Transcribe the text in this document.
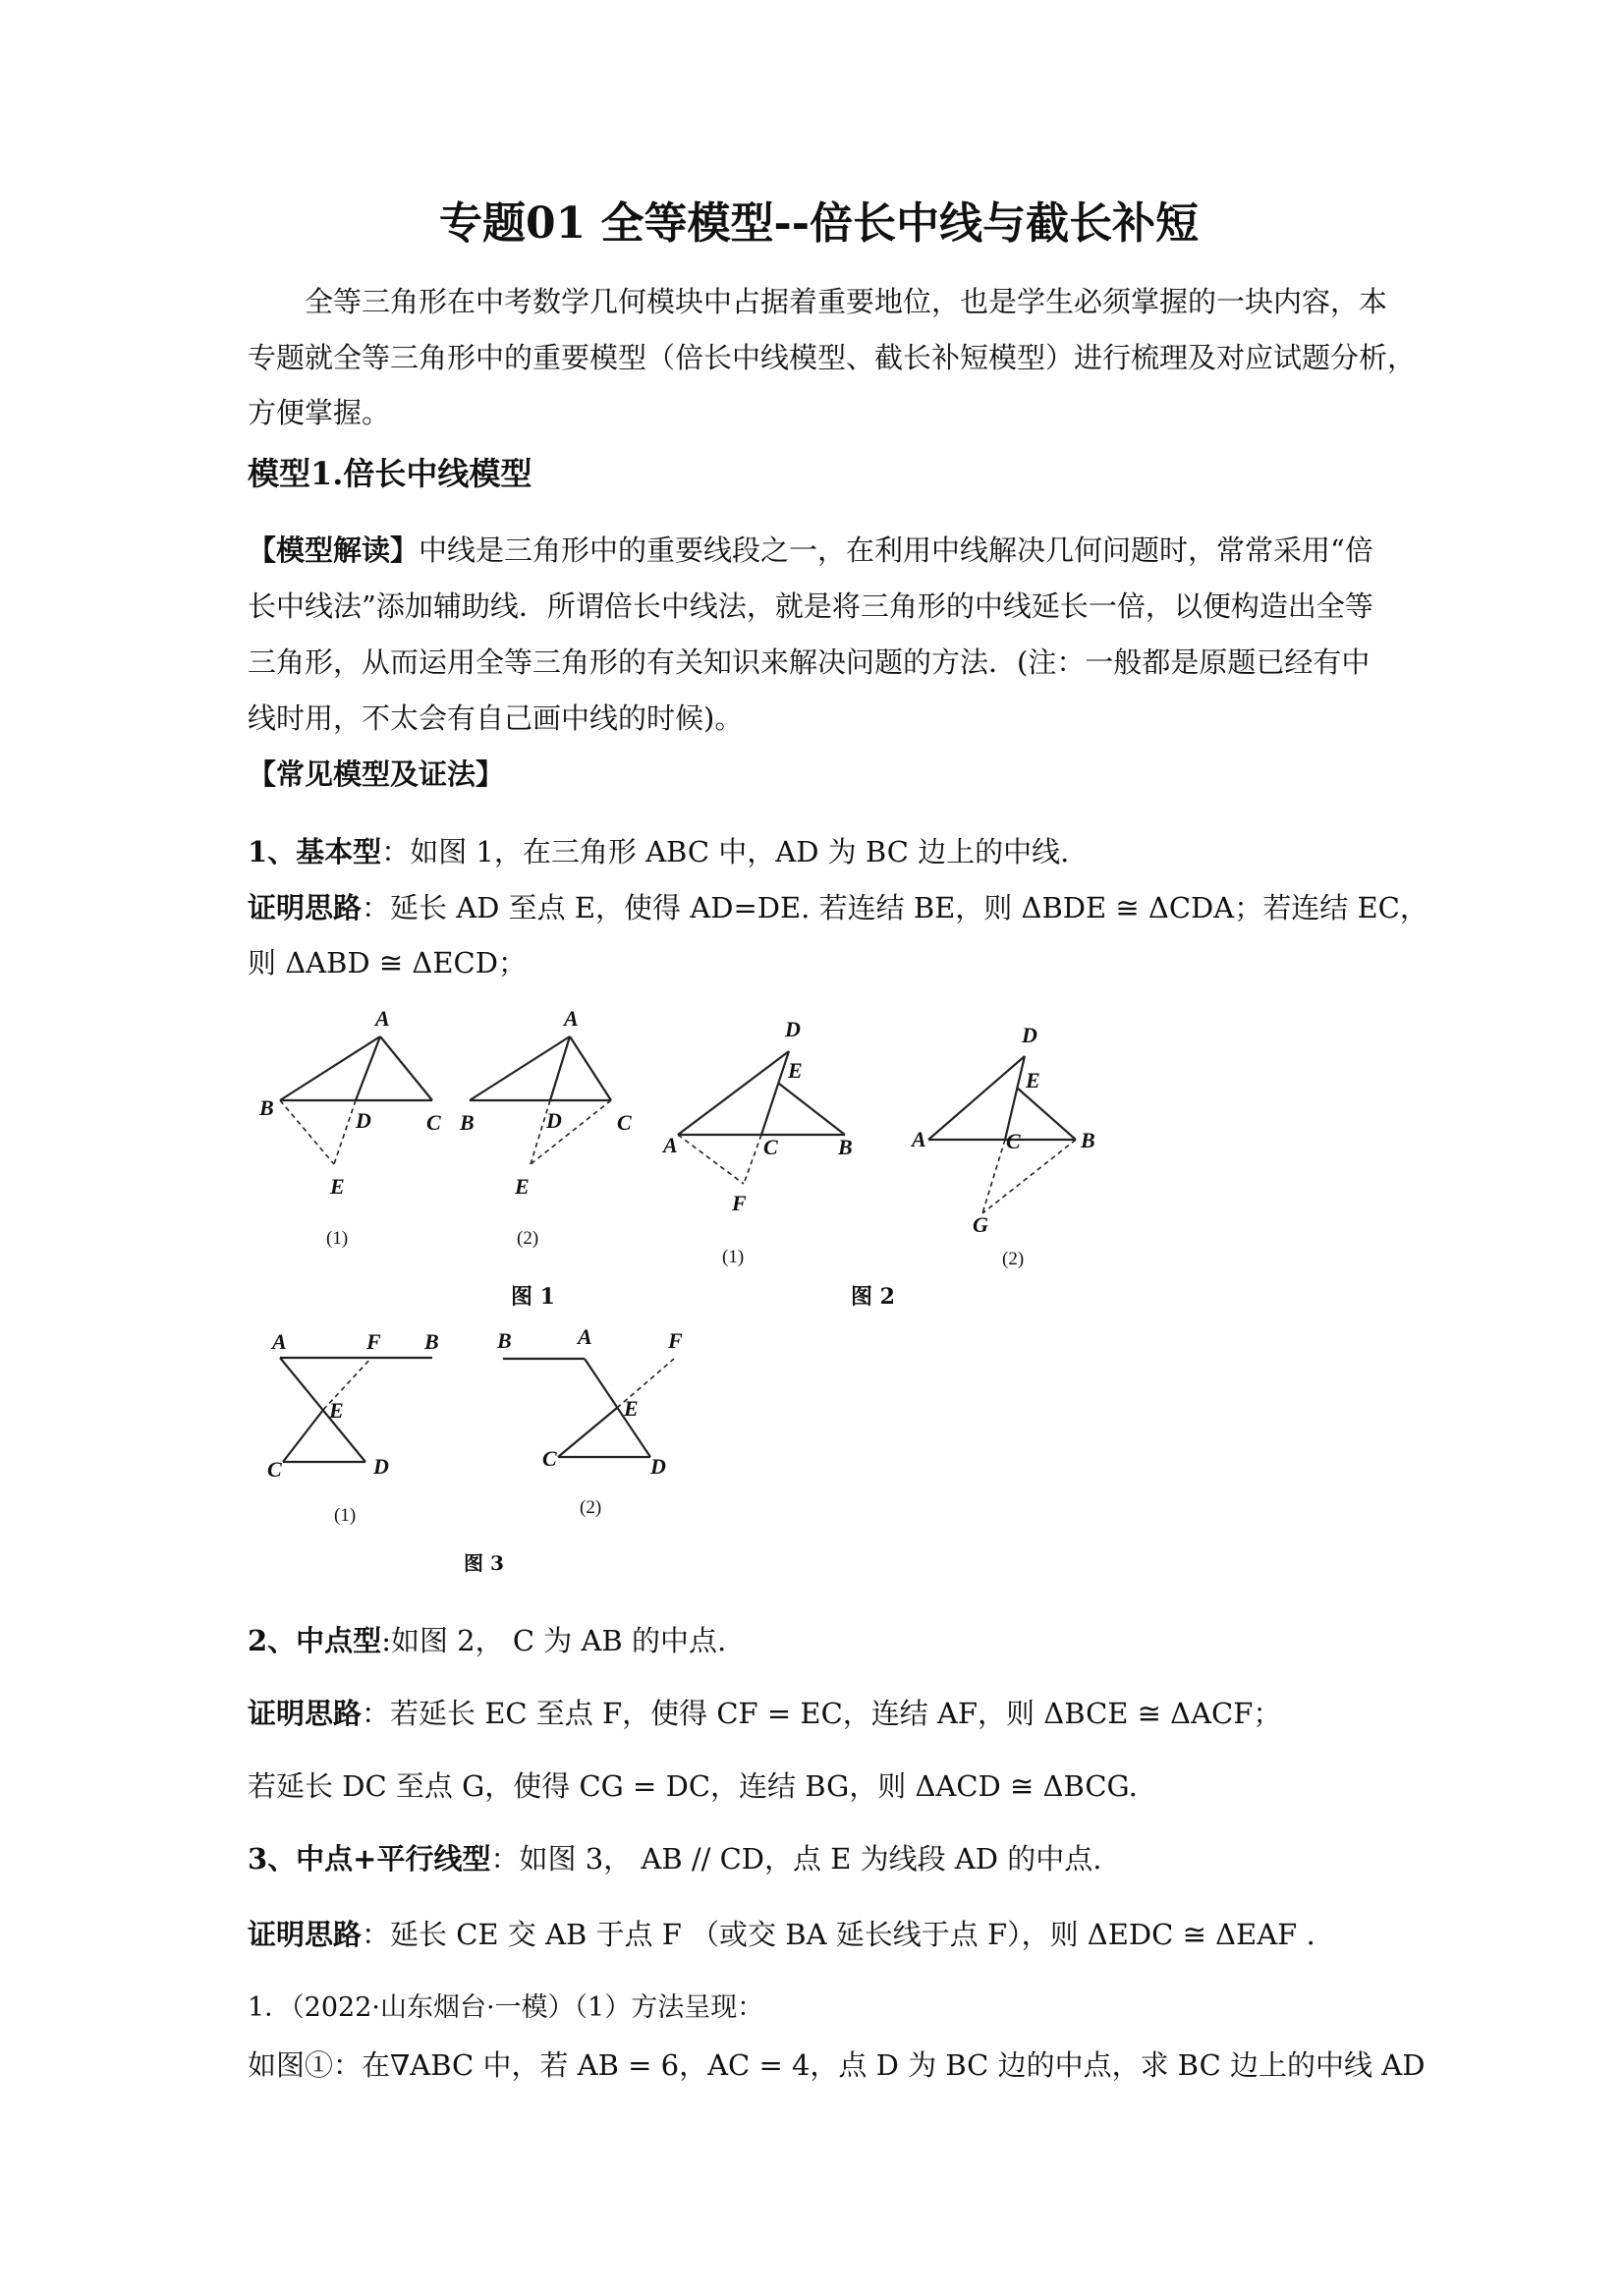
专题01 全等模型--倍长中线与截长补短
全等三角形在中考数学几何模块中占据着重要地位，也是学生必须掌握的一块内容，本
专题就全等三角形中的重要模型（倍长中线模型、截长补短模型）进行梳理及对应试题分析，
方便掌握。
模型1.倍长中线模型
【模型解读】中线是三角形中的重要线段之一，在利用中线解决几何问题时，常常采用“倍
长中线法”添加辅助线．所谓倍长中线法，就是将三角形的中线延长一倍，以便构造出全等
三角形，从而运用全等三角形的有关知识来解决问题的方法．(注：一般都是原题已经有中
线时用，不太会有自己画中线的时候)。
【常见模型及证法】
1、基本型：如图 1，在三角形 ABC 中，AD 为 BC 边上的中线.
证明思路：延长 AD 至点 E，使得 AD=DE. 若连结 BE，则 ΔBDE ≅ ΔCDA；若连结 EC，
则 ΔABD ≅ ΔECD；
A
B
D	C
E
(1)
A
B	D	C
E
(2)
D
E
A	C	B
F
(1)
D
E
A	C	B
G
(2)
图 1	图 2
A	F B
E
C	D
(1)
B	A	F
E
C	D
(2)
图 3
2、中点型:如图 2， C 为 AB 的中点.
证明思路：若延长 EC 至点 F，使得 CF = EC，连结 AF，则 ΔBCE ≅ ΔACF；
若延长 DC 至点 G，使得 CG = DC，连结 BG，则 ΔACD ≅ ΔBCG.
3、中点+平行线型：如图 3， AB // CD，点 E 为线段 AD 的中点.
证明思路：延长 CE 交 AB 于点 F （或交 BA 延长线于点 F），则 ΔEDC ≅ ΔEAF .
1．（2022·山东烟台·一模）（1）方法呈现：
如图①：在∇ABC 中，若 AB = 6，AC = 4，点 D 为 BC 边的中点，求 BC 边上的中线 AD
